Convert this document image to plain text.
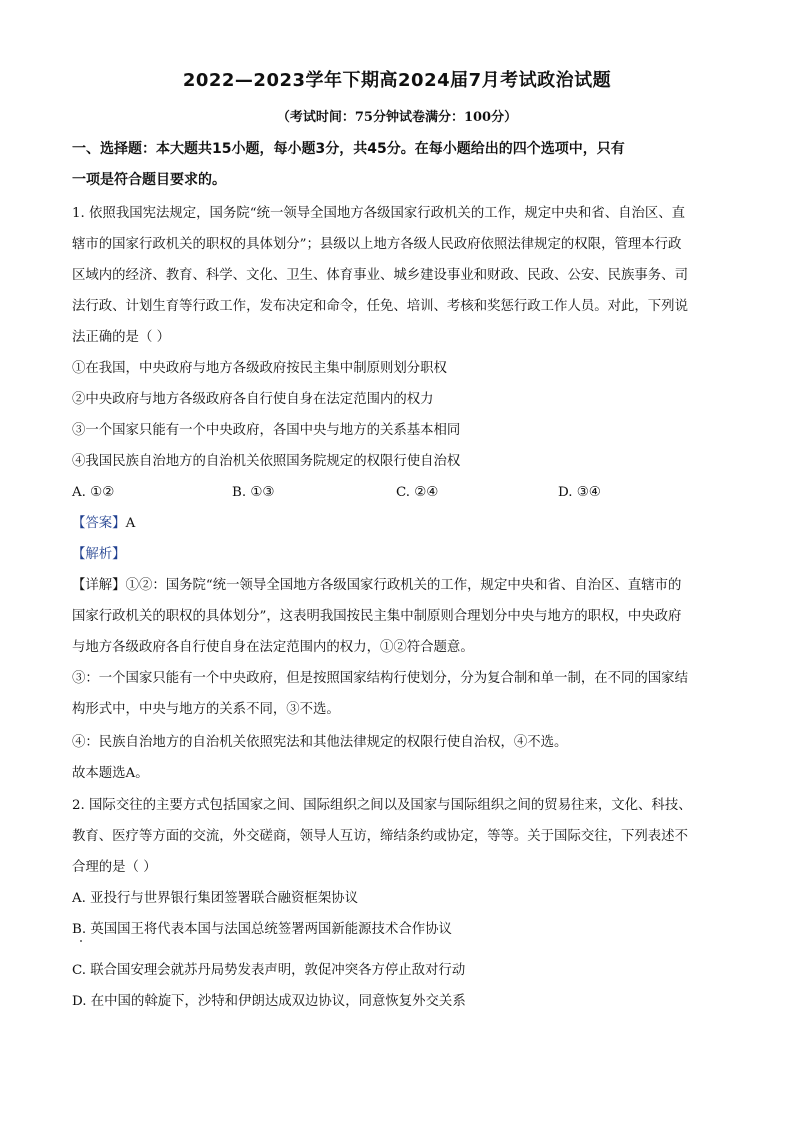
2022—2023学年下期高2024届7月考试政治试题
（考试时间：75分钟试卷满分：100分）
一、选择题：本大题共15小题，每小题3分，共45分。在每小题给出的四个选项中，只有
一项是符合题目要求的。
1. 依照我国宪法规定，国务院“统一领导全国地方各级国家行政机关的工作，规定中央和省、自治区、直
辖市的国家行政机关的职权的具体划分”；县级以上地方各级人民政府依照法律规定的权限，管理本行政
区域内的经济、教育、科学、文化、卫生、体育事业、城乡建设事业和财政、民政、公安、民族事务、司
法行政、计划生育等行政工作，发布决定和命令，任免、培训、考核和奖惩行政工作人员。对此，下列说
法正确的是（ ）
①在我国，中央政府与地方各级政府按民主集中制原则划分职权
②中央政府与地方各级政府各自行使自身在法定范围内的权力
③一个国家只能有一个中央政府，各国中央与地方的关系基本相同
④我国民族自治地方的自治机关依照国务院规定的权限行使自治权
A. ①②	B. ①③	C. ②④	D. ③④
【答案】A
【解析】
【详解】①②：国务院“统一领导全国地方各级国家行政机关的工作，规定中央和省、自治区、直辖市的
国家行政机关的职权的具体划分”，这表明我国按民主集中制原则合理划分中央与地方的职权，中央政府
与地方各级政府各自行使自身在法定范围内的权力，①②符合题意。
③：一个国家只能有一个中央政府，但是按照国家结构行使划分，分为复合制和单一制，在不同的国家结
构形式中，中央与地方的关系不同，③不选。
④：民族自治地方的自治机关依照宪法和其他法律规定的权限行使自治权，④不选。
故本题选A。
2. 国际交往的主要方式包括国家之间、国际组织之间以及国家与国际组织之间的贸易往来，文化、科技、
教育、医疗等方面的交流，外交磋商，领导人互访，缔结条约或协定，等等。关于国际交往，下列表述不
合理的是（ ）
A. 亚投行与世界银行集团签署联合融资框架协议
B. 英国国王将代表本国与法国总统签署两国新能源技术合作协议
C. 联合国安理会就苏丹局势发表声明，敦促冲突各方停止敌对行动
D. 在中国的斡旋下，沙特和伊朗达成双边协议，同意恢复外交关系
